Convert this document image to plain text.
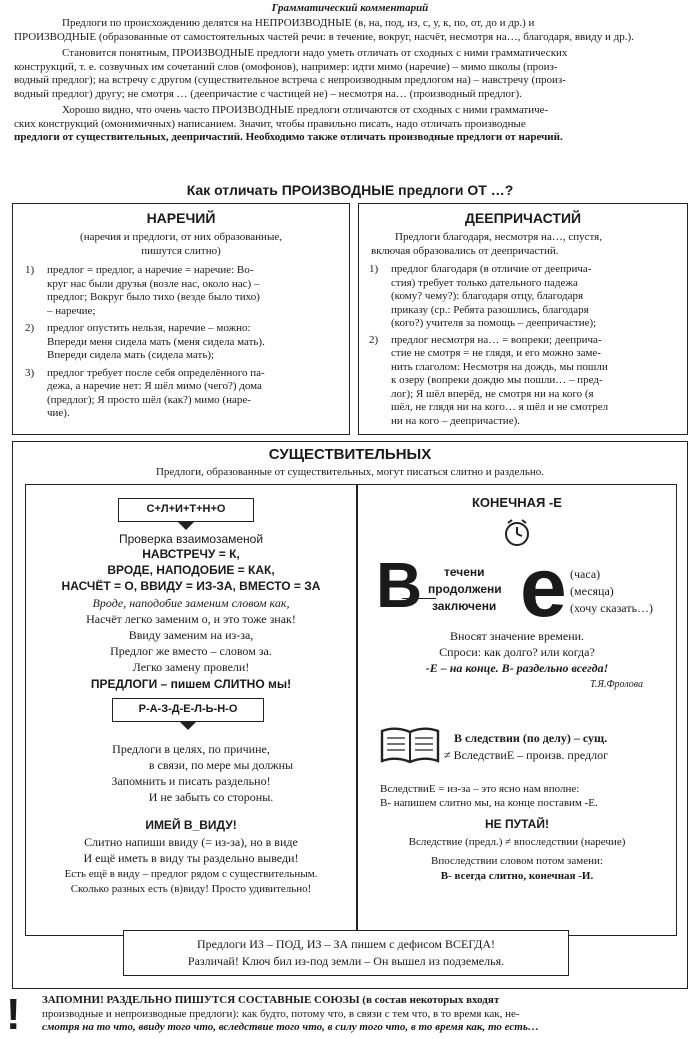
Грамматический комментарий
Предлоги по происхождению делятся на НЕПРОИЗВОДНЫЕ (в, на, под, из, с, у, к, по, от, до и др.) и
ПРОИЗВОДНЫЕ (образованные от самостоятельных частей речи: в течение, вокруг, насчёт, несмотря на…, благодаря, ввиду и др.).
Становится понятным, ПРОИЗВОДНЫЕ предлоги надо уметь отличать от сходных с ними грамматических
конструкций, т. е. созвучных им сочетаний слов (омофонов), например: идти мимо (наречие) – мимо школы (произ-
водный предлог); на встречу с другом (существительное встреча с непроизводным предлогом на) – навстречу (произ-
водный предлог) другу; не смотря … (деепричастие с частицей не) – несмотря на… (производный предлог).
Хорошо видно, что очень часто ПРОИЗВОДНЫЕ предлоги отличаются от сходных с ними грамматиче-
ских конструкций (омонимичных) написанием. Значит, чтобы правильно писать, надо отличать производные
предлоги от существительных, деепричастий. Необходимо также отличать производные предлоги от наречий.
Как отличать ПРОИЗВОДНЫЕ предлоги ОТ …?
НАРЕЧИЙ
(наречия и предлоги, от них образованные,
пишутся слитно)
1) предлог = предлог, а наречие = наречие: Во-
круг нас были друзья (возле нас, около нас) –
предлог; Вокруг было тихо (везде было тихо)
– наречие;
2) предлог опустить нельзя, наречие – можно:
Впереди меня сидела мать (меня сидела мать).
Впереди сидела мать (сидела мать);
3) предлог требует после себя определённого па-
дежа, а наречие нет: Я шёл мимо (чего?) дома
(предлог); Я просто шёл (как?) мимо (наре-
чие).
ДЕЕПРИЧАСТИЙ
Предлоги благодаря, несмотря на…, спустя,
включая образовались от деепричастий.
1) предлог благодаря (в отличие от дееприча-
стия) требует только дательного падежа
(кому? чему?): благодаря отцу, благодаря
приказу (ср.: Ребята разошлись, благодаря
(кого?) учителя за помощь – деепричастие);
2) предлог несмотря на… = вопреки; дееприча-
стие не смотря = не глядя, и его можно заме-
нить глаголом: Несмотря на дождь, мы пошли
к озеру (вопреки дождю мы пошли… – пред-
лог); Я шёл вперёд, не смотря ни на кого (я
шёл, не глядя ни на кого… я шёл и не смотрел
ни на кого – деепричастие).
СУЩЕСТВИТЕЛЬНЫХ
Предлоги, образованные от существительных, могут писаться слитно и раздельно.
С+Л+И+Т+Н+О
Проверка взаимозаменой
НАВСТРЕЧУ = К,
ВРОДЕ, НАПОДОБИЕ = КАК,
НАСЧЁТ = О, ВВИДУ = ИЗ-ЗА, ВМЕСТО = ЗА
Вроде, наподобие заменим словом как,
Насчёт легко заменим о, и это тоже знак!
Ввиду заменим на из-за,
Предлог же вместо – словом за.
Легко замену провели!
ПРЕДЛОГИ – пишем СЛИТНО мы!
Р-А-З-Д-Е-Л-Ь-Н-О
Предлоги в целях, по причине,
в связи, по мере мы должны
Запомнить и писать раздельно!
И не забыть со стороны.
ИМЕЙ В_ВИДУ!
Слитно напиши ввиду (= из-за), но в виде
И ещё иметь в виду ты раздельно выведи!
Есть ещё в виду – предлог рядом с существительным.
Сколько разных есть (в)виду! Просто удивительно!
КОНЕЧНАЯ -Е
В е
течени
продолжени
заключени
(часа)
(месяца)
(хочу сказать…)
Вносят значение времени.
Спроси: как долго? или когда?
-Е – на конце. В- раздельно всегда!
Т.Я.Фролова
В следствии (по делу) – сущ.
≠ ВследствиЕ – произв. предлог
ВследствиЕ = из-за – это ясно нам вполне:
В- напишем слитно мы, на конце поставим -Е.
НЕ ПУТАЙ!
Вследствие (предл.) ≠ впоследствии (наречие)
Впоследствии словом потом замени:
В- всегда слитно, конечная -И.
Предлоги ИЗ – ПОД, ИЗ – ЗА пишем с дефисом ВСЕГДА!
Различай! Ключ бил из-под земли – Он вышел из подземелья.
! ЗАПОМНИ! РАЗДЕЛЬНО ПИШУТСЯ СОСТАВНЫЕ СОЮЗЫ (в состав некоторых входят
производные и непроизводные предлоги): как будто, потому что, в связи с тем что, в то время как, не-
смотря на то что, ввиду того что, вследствие того что, в силу того что, в то время как, то есть…
